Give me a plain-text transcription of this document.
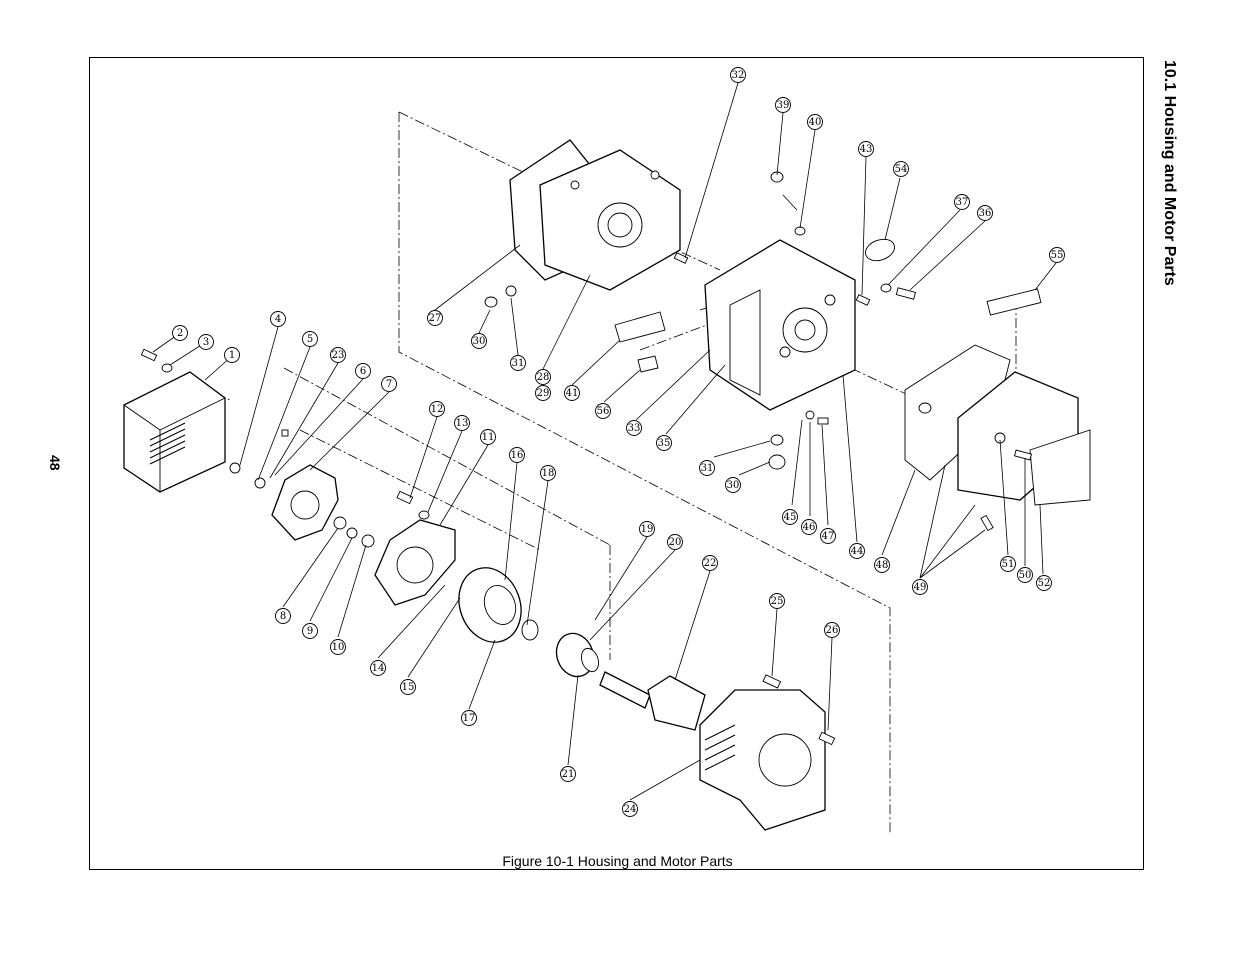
1
2
3
4
5
6
7
8
9
10
11
12
13
14
15
16
17
18
19
20
21
22
23
24
25
26
27
28
29
30
31
32
33
35
36
37
39
40
41
43
54
55
56
31
30
45
46
47
44
48
49
51
50
52
10.1 Housing and Motor Parts
48
Figure 10-1 Housing and Motor Parts
